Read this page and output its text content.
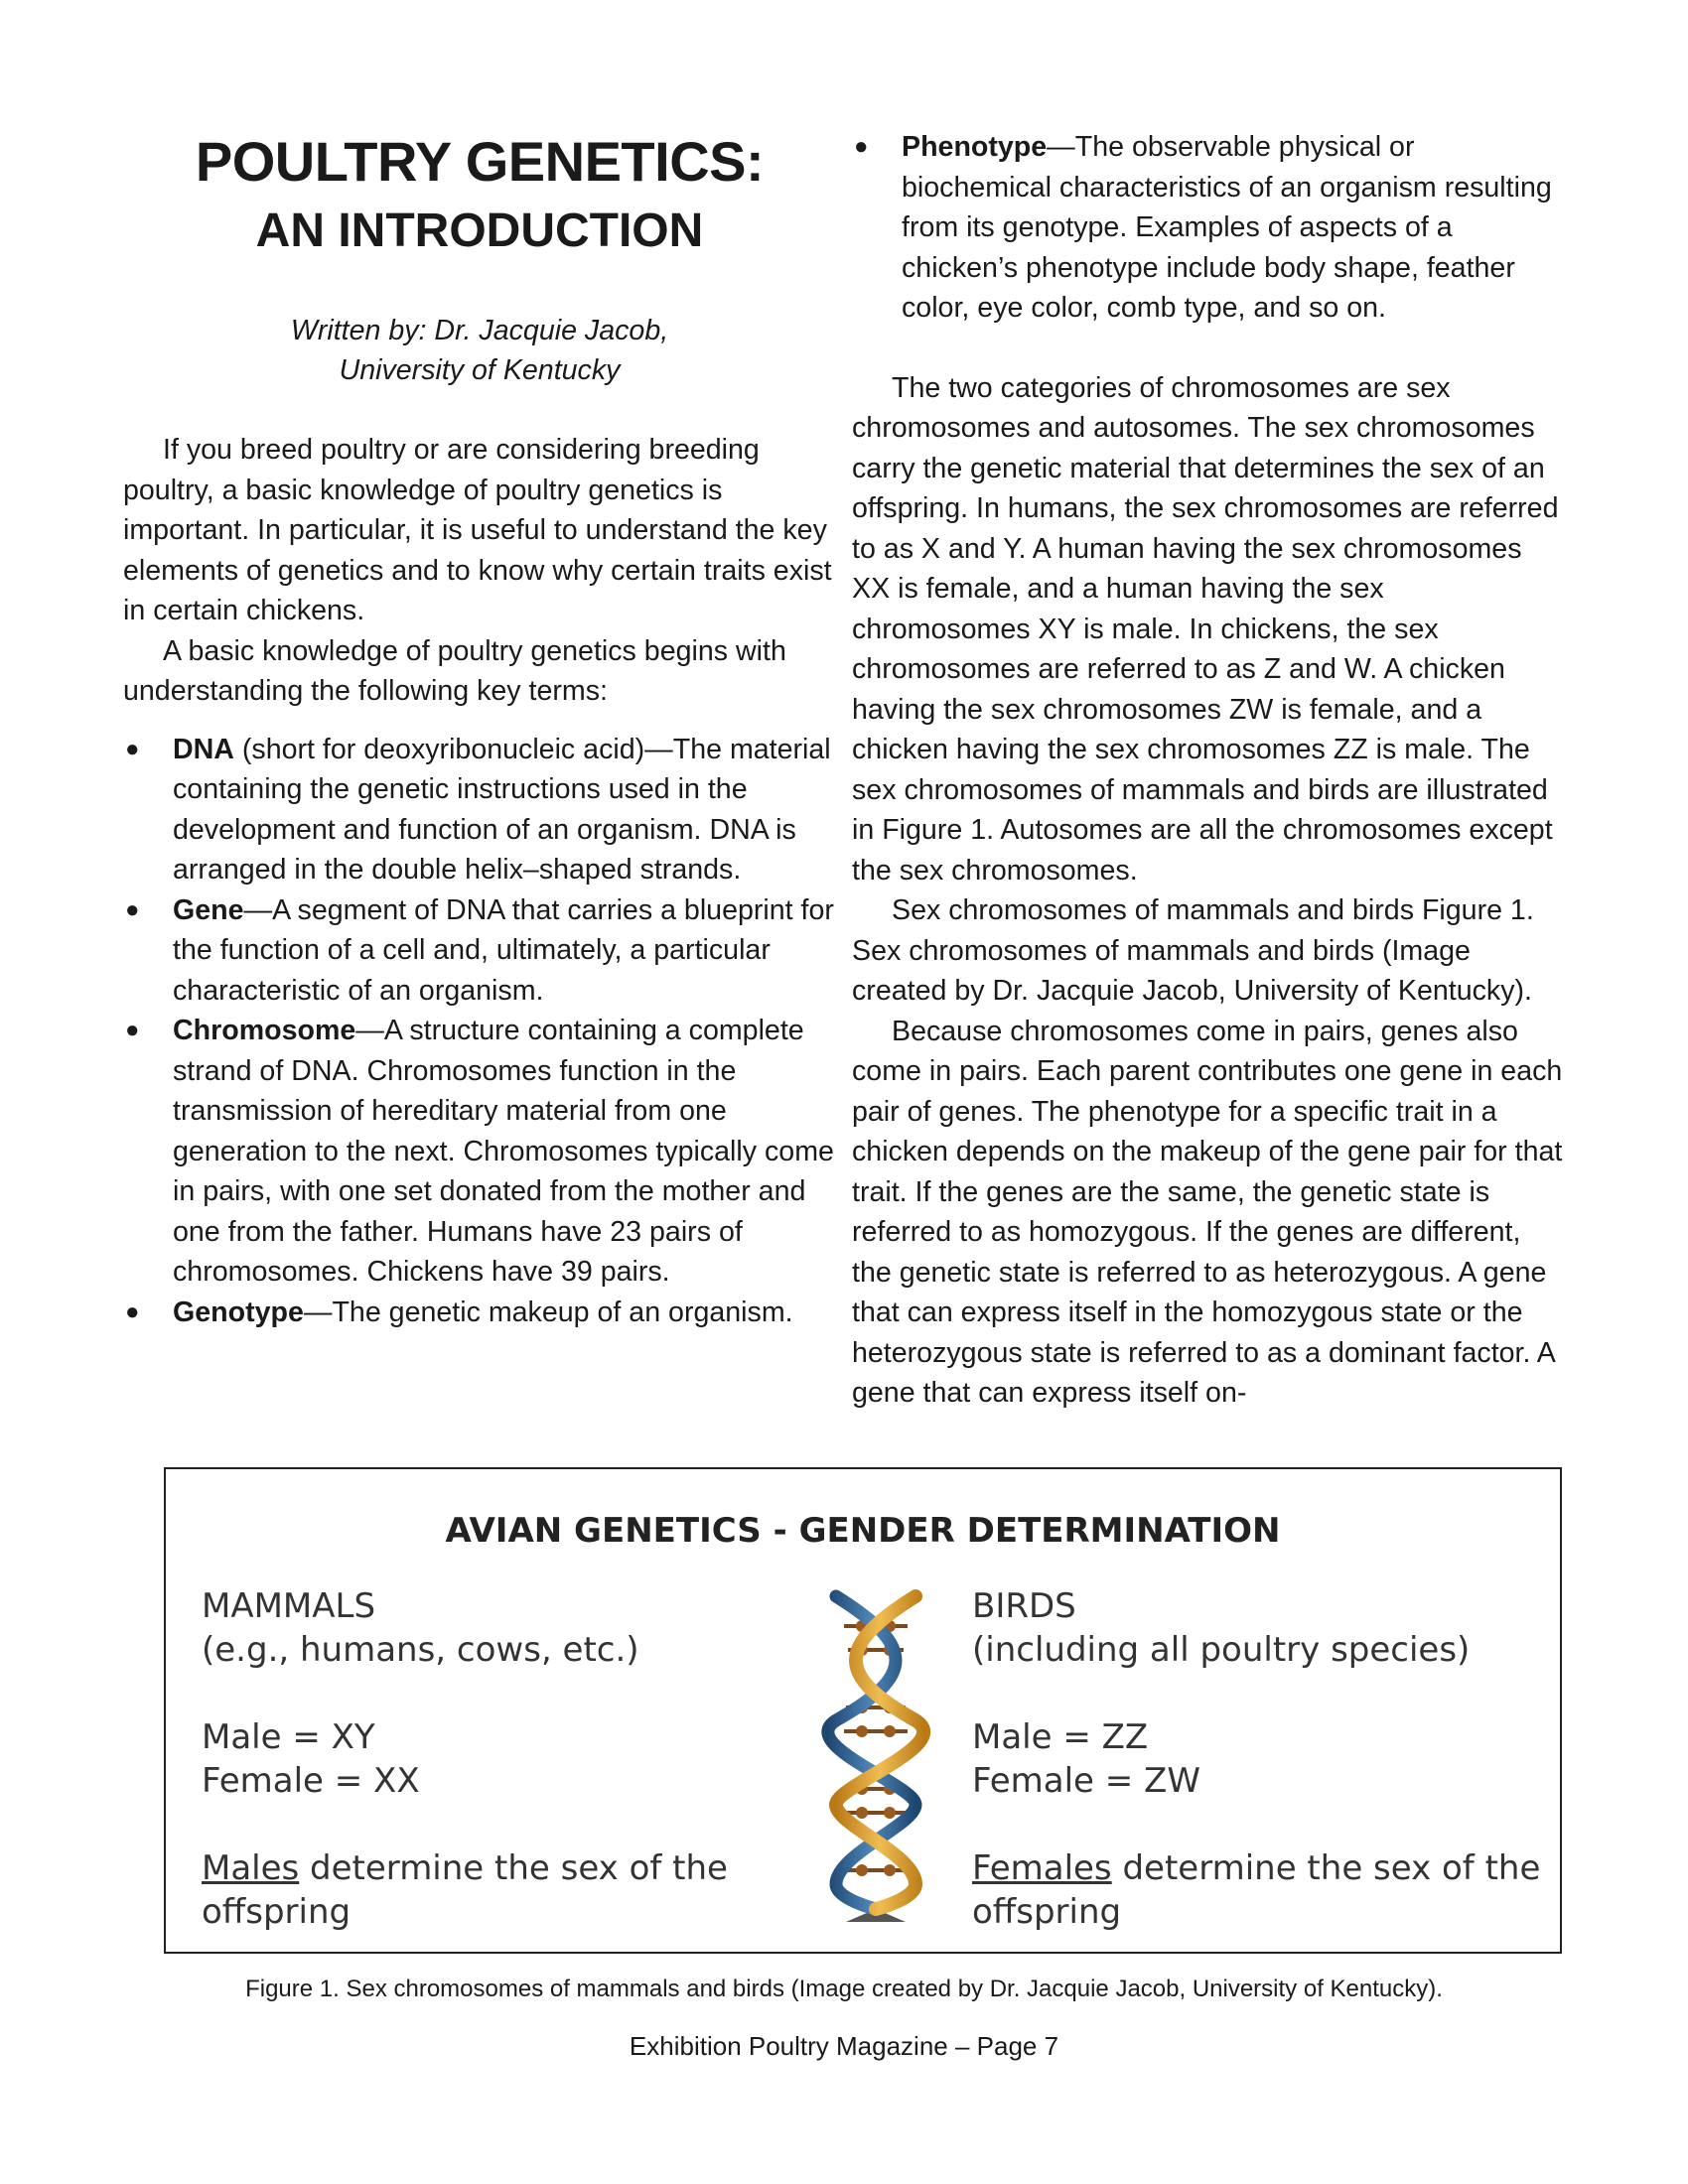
POULTRY GENETICS:
AN INTRODUCTION
Written by: Dr. Jacquie Jacob,
University of Kentucky

If you breed poultry or are considering breeding poultry, a basic knowledge of poultry genetics is important. In particular, it is useful to understand the key elements of genetics and to know why certain traits exist in certain chickens.

A basic knowledge of poultry genetics begins with understanding the following key terms:

● DNA (short for deoxyribonucleic acid)—The material containing the genetic instructions used in the development and function of an organism. DNA is arranged in the double helix–shaped strands.
● Gene—A segment of DNA that carries a blueprint for the function of a cell and, ultimately, a particular characteristic of an organism.
● Chromosome—A structure containing a complete strand of DNA. Chromosomes function in the transmission of hereditary material from one generation to the next. Chromosomes typically come in pairs, with one set donated from the mother and one from the father. Humans have 23 pairs of chromosomes. Chickens have 39 pairs.
● Genotype—The genetic makeup of an organism.
● Phenotype—The observable physical or biochemical characteristics of an organism resulting from its genotype. Examples of aspects of a chicken’s phenotype include body shape, feather color, eye color, comb type, and so on.

The two categories of chromosomes are sex chromosomes and autosomes. The sex chromosomes carry the genetic material that determines the sex of an offspring. In humans, the sex chromosomes are referred to as X and Y. A human having the sex chromosomes XX is female, and a human having the sex chromosomes XY is male. In chickens, the sex chromosomes are referred to as Z and W. A chicken having the sex chromosomes ZW is female, and a chicken having the sex chromosomes ZZ is male. The sex chromosomes of mammals and birds are illustrated in Figure 1. Autosomes are all the chromosomes except the sex chromosomes.

Sex chromosomes of mammals and birds Figure 1. Sex chromosomes of mammals and birds (Image created by Dr. Jacquie Jacob, University of Kentucky).

Because chromosomes come in pairs, genes also come in pairs. Each parent contributes one gene in each pair of genes. The phenotype for a specific trait in a chicken depends on the makeup of the gene pair for that trait. If the genes are the same, the genetic state is referred to as homozygous. If the genes are different, the genetic state is referred to as heterozygous. A gene that can express itself in the homozygous state or the heterozygous state is referred to as a dominant factor. A gene that can express itself on-

AVIAN GENETICS - GENDER DETERMINATION
MAMMALS
(e.g., humans, cows, etc.)
Male = XY
Female = XX
Males determine the sex of the
offspring
BIRDS
(including all poultry species)
Male = ZZ
Female = ZW
Females determine the sex of the
offspring
Figure 1. Sex chromosomes of mammals and birds (Image created by Dr. Jacquie Jacob, University of Kentucky).
Exhibition Poultry Magazine – Page 7
